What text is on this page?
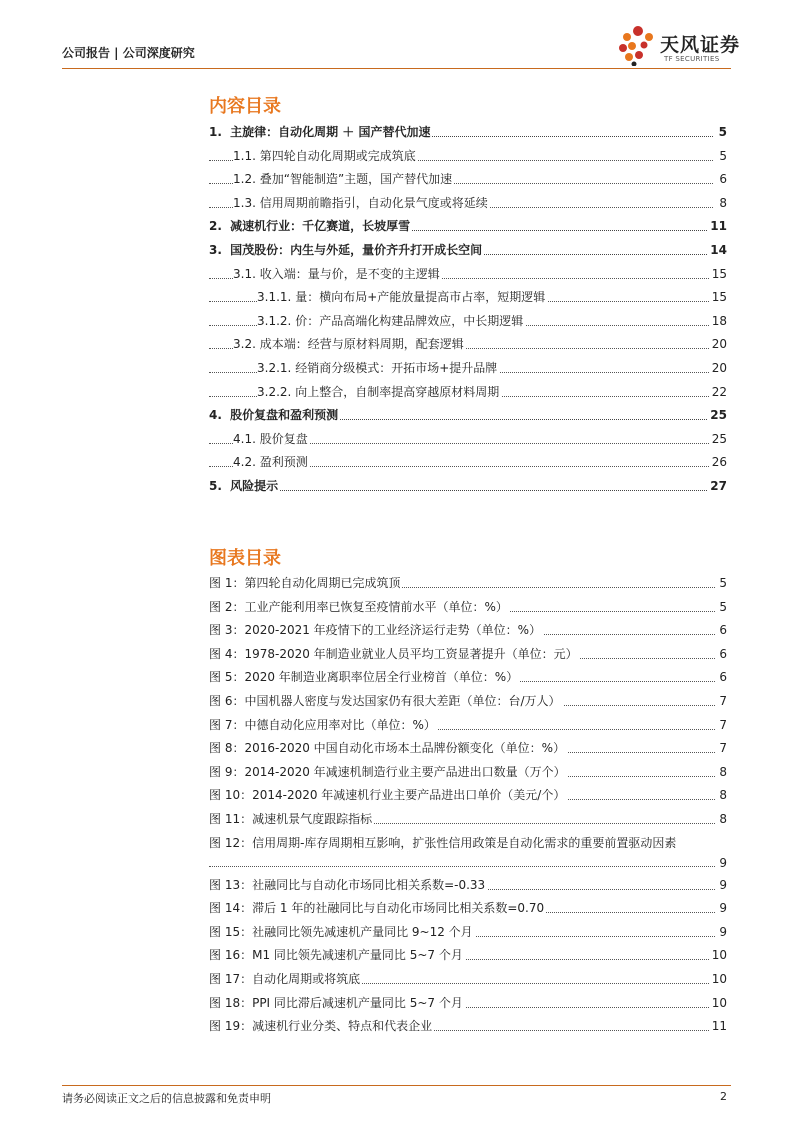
公司报告 | 公司深度研究	天风证券
TF SECURITIES
内容目录
1. 主旋律：自动化周期 ＋ 国产替代加速	5
1.1. 第四轮自动化周期或完成筑底	5
1.2. 叠加“智能制造”主题，国产替代加速	6
1.3. 信用周期前瞻指引，自动化景气度或将延续	8
2. 减速机行业：千亿赛道，长坡厚雪	11
3. 国茂股份：内生与外延，量价齐升打开成长空间	14
3.1. 收入端：量与价，是不变的主逻辑	15
3.1.1. 量：横向布局+产能放量提高市占率，短期逻辑	15
3.1.2. 价：产品高端化构建品牌效应，中长期逻辑	18
3.2. 成本端：经营与原材料周期，配套逻辑	20
3.2.1. 经销商分级模式：开拓市场+提升品牌	20
3.2.2. 向上整合，自制率提高穿越原材料周期	22
4. 股价复盘和盈利预测	25
4.1. 股价复盘	25
4.2. 盈利预测	26
5. 风险提示	27
图表目录
图 1：第四轮自动化周期已完成筑顶	5
图 2：工业产能利用率已恢复至疫情前水平（单位：%）	5
图 3：2020-2021 年疫情下的工业经济运行走势（单位：%）	6
图 4：1978-2020 年制造业就业人员平均工资显著提升（单位：元）	6
图 5：2020 年制造业离职率位居全行业榜首（单位：%）	6
图 6：中国机器人密度与发达国家仍有很大差距（单位：台/万人）	7
图 7：中德自动化应用率对比（单位：%）	7
图 8：2016-2020 中国自动化市场本土品牌份额变化（单位：%）	7
图 9：2014-2020 年减速机制造行业主要产品进出口数量（万个）	8
图 10：2014-2020 年减速机行业主要产品进出口单价（美元/个）	8
图 11：减速机景气度跟踪指标	8
图 12：信用周期-库存周期相互影响，扩张性信用政策是自动化需求的重要前置驱动因素
9
图 13：社融同比与自动化市场同比相关系数=-0.33	9
图 14：滞后 1 年的社融同比与自动化市场同比相关系数=0.70	9
图 15：社融同比领先减速机产量同比 9~12 个月	9
图 16：M1 同比领先减速机产量同比 5~7 个月	10
图 17：自动化周期或将筑底	10
图 18：PPI 同比滞后减速机产量同比 5~7 个月	10
图 19：减速机行业分类、特点和代表企业	11
请务必阅读正文之后的信息披露和免责申明	2
